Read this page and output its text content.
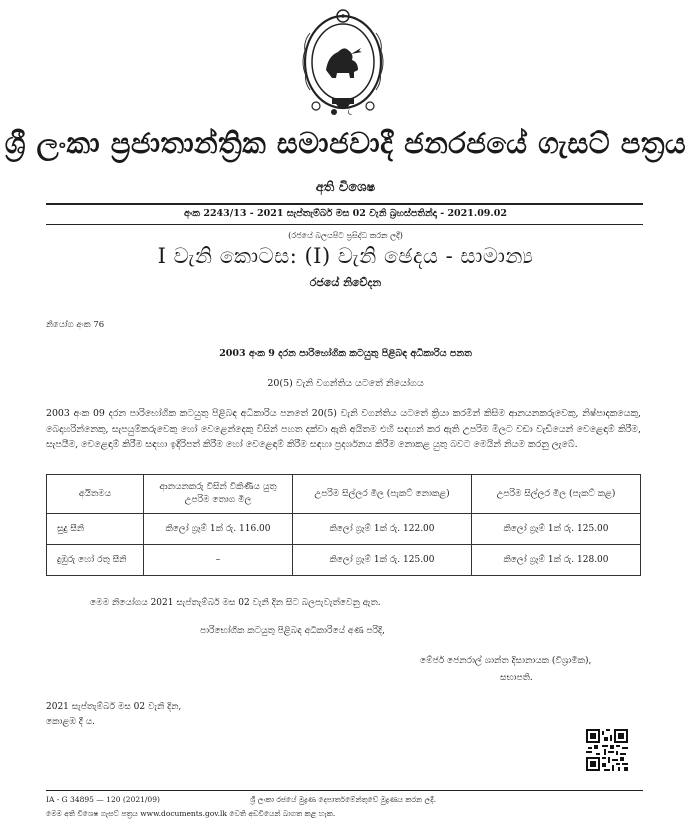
ශ්‍රී ලංකා ප්‍රජාතාන්ත්‍රික සමාජවාදී ජනරජයේ ගැසට් පත්‍රය
අති විශෙෂ
අංක 2243/13 - 2021 සැප්තැම්බර් මස 02 වැනි බ්‍රහස්පතින්දා - 2021.09.02
(රජයේ බලයපිට ප්‍රසිද්ධ කරන ලදී)
I වැනි කොටස: (I) වැනි ඡෙදය - සාමාන්‍ය
රජයේ නිවේදන
නියෝග අංක 76
2003 අංක 9 දරන පාරිභෝගික කටයුතු පිළිබඳ අධිකාරිය පනත
20(5) වැනි වගන්තිය යටතේ නියෝගය
2003 අංක 09 දරන පාරිභෝගික කටයුතු පිළිබඳ අධිකාරිය පනතේ 20(5) වැනි වගන්තිය යටතේ ක්‍රියා කරමින් කිසිම ආනයනකරුවෙකු, නිෂ්පාදකයෙකු, බෙදාහරින්නෙකු, සැපයුම්කරුවෙකු හෝ වෙළෙන්දෙකු විසින් පහත දක්වා ඇති අයිතම එහි සඳහන් කර ඇති උපරිම මිලට වඩා වැඩියෙන් වෙළෙඳාම් කිරීම, සැපයීම, වෙළෙඳාම් කිරීම සඳහා ඉදිරිපත් කිරීම හෝ වෙළෙඳාම් කිරීම සඳහා ප්‍රදර්ශනය කිරීම නොකළ යුතු බවට මෙයින් නියම කරනු ලැබේ.
අයිතමය	ආනයනකරු විසින් විකිණිය යුතු උපරිම තොග මිල	උපරිම සිල්ලර මිල (පැකට් නොකළ)	උපරිම සිල්ලර මිල (පැකට් කළ)
සුදු සීනි	කිලෝ ග්‍රෑම් 1ක් රු. 116.00	කිලෝ ග්‍රෑම් 1ක් රු. 122.00	කිලෝ ග්‍රෑම් 1ක් රු. 125.00
දුඹුරු හෝ රතු සීනි	–	කිලෝ ග්‍රෑම් 1ක් රු. 125.00	කිලෝ ග්‍රෑම් 1ක් රු. 128.00
මෙම නියෝගය 2021 සැප්තැම්බර් මස 02 වැනි දින සිට බලපැවැත්වෙනු ඇත.
පාරිභෝගික කටයුතු පිළිබඳ අධිකාරියේ අණ පරිදි,
මේජර් ජෙනරාල් ශාන්ත දිසානායක (විශ්‍රාමික),
සභාපති.
2021 සැප්තැම්බර් මස 02 වැනි දින,
කොළඹ දී ය.
IA - G 34895 — 120 (2021/09)	ශ්‍රී ලංකා රජයේ මුද්‍රණ දෙපාර්තමේන්තුවේ මුද්‍රණය කරන ලදී.
මෙම අති විශෙෂ ගැසට් පත්‍රය www.documents.gov.lk වෙති අඩවියෙන් බාගත කළ හැක.
